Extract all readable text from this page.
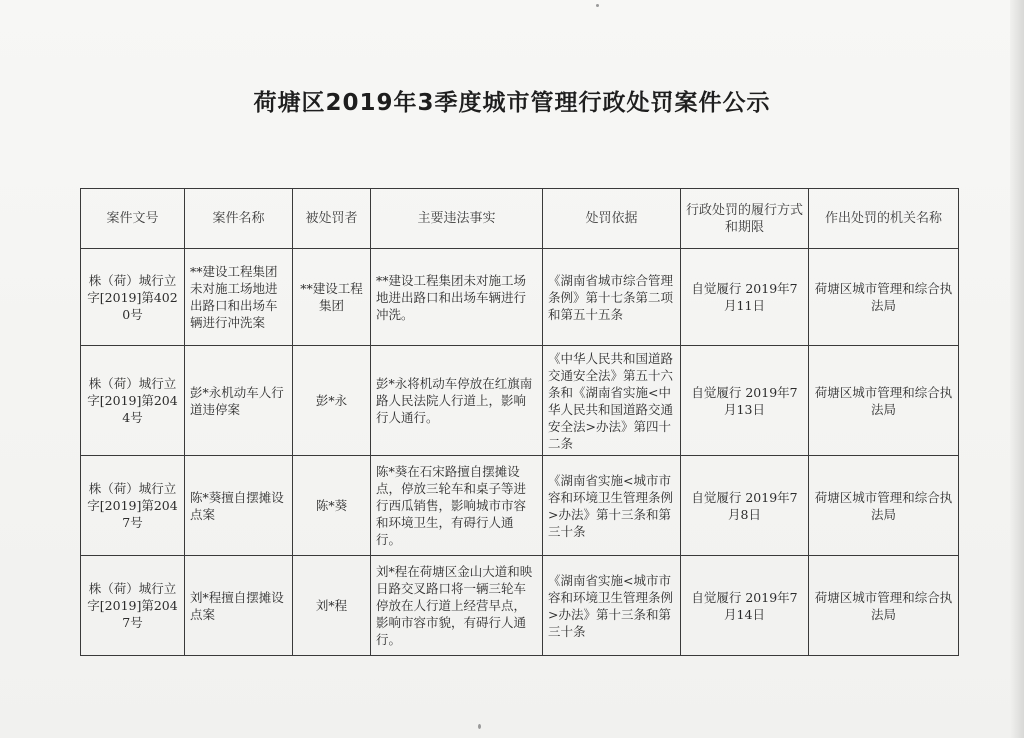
荷塘区2019年3季度城市管理行政处罚案件公示
案件文号	案件名称	被处罚者	主要违法事实	处罚依据	行政处罚的履行方式和期限	作出处罚的机关名称
株（荷）城行立字[2019]第4020号	**建设工程集团未对施工场地进出路口和出场车辆进行冲洗案	**建设工程集团	**建设工程集团未对施工场地进出路口和出场车辆进行冲洗。	《湖南省城市综合管理条例》第十七条第二项和第五十五条	自觉履行 2019年7月11日	荷塘区城市管理和综合执法局
株（荷）城行立字[2019]第2044号	彭*永机动车人行道违停案	彭*永	彭*永将机动车停放在红旗南路人民法院人行道上，影响行人通行。	《中华人民共和国道路交通安全法》第五十六条和《湖南省实施<中华人民共和国道路交通安全法>办法》第四十二条	自觉履行 2019年7月13日	荷塘区城市管理和综合执法局
株（荷）城行立字[2019]第2047号	陈*葵擅自摆摊设点案	陈*葵	陈*葵在石宋路擅自摆摊设点，停放三轮车和桌子等进行西瓜销售，影响城市市容和环境卫生，有碍行人通行。	《湖南省实施<城市市容和环境卫生管理条例>办法》第十三条和第三十条	自觉履行 2019年7月8日	荷塘区城市管理和综合执法局
株（荷）城行立字[2019]第2047号	刘*程擅自摆摊设点案	刘*程	刘*程在荷塘区金山大道和映日路交叉路口将一辆三轮车停放在人行道上经营早点，影响市容市貌，有碍行人通行。	《湖南省实施<城市市容和环境卫生管理条例>办法》第十三条和第三十条	自觉履行 2019年7月14日	荷塘区城市管理和综合执法局
